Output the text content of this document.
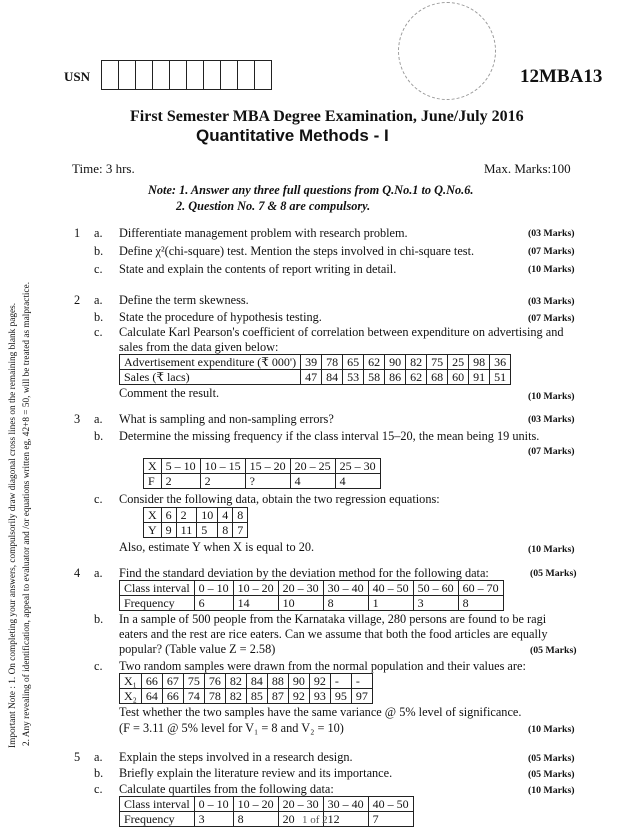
Important Note : 1. On completing your answers, compulsorily draw diagonal cross lines on the remaining blank pages. 2. Any revealing of identification, appeal to evaluator and /or equations written eg, 42+8 = 50, will be treated as malpractice.
USN	12MBA13
First Semester MBA Degree Examination, June/July 2016
Quantitative Methods - I
Time: 3 hrs.	Max. Marks:100
Note: 1. Answer any three full questions from Q.No.1 to Q.No.6.
2. Question No. 7 & 8 are compulsory.
1 a. Differentiate management problem with research problem.	(03 Marks)
b. Define χ²(chi-square) test. Mention the steps involved in chi-square test.	(07 Marks)
c. State and explain the contents of report writing in detail.	(10 Marks)
2 a. Define the term skewness.	(03 Marks)
b. State the procedure of hypothesis testing.	(07 Marks)
c. Calculate Karl Pearson's coefficient of correlation between expenditure on advertising and
sales from the data given below:
Advertisement expenditure (₹ 000')	39	78	65	62	90	82	75	25	98	36
Sales (₹ lacs)	47	84	53	58	86	62	68	60	91	51
Comment the result.	(10 Marks)
3 a. What is sampling and non-sampling errors?	(03 Marks)
b. Determine the missing frequency if the class interval 15–20, the mean being 19 units.
(07 Marks)
X	5 – 10	10 – 15	15 – 20	20 – 25	25 – 30
F	2	2	?	4	4
c. Consider the following data, obtain the two regression equations:
X	6	2	10	4	8
Y	9	11	5	8	7
Also, estimate Y when X is equal to 20.	(10 Marks)
4 a. Find the standard deviation by the deviation method for the following data:	(05 Marks)
Class interval	0 – 10	10 – 20	20 – 30	30 – 40	40 – 50	50 – 60	60 – 70
Frequency	6	14	10	8	1	3	8
b. In a sample of 500 people from the Karnataka village, 280 persons are found to be ragi
eaters and the rest are rice eaters. Can we assume that both the food articles are equally
popular? (Table value Z = 2.58)	(05 Marks)
c. Two random samples were drawn from the normal population and their values are:
X₁	66	67	75	76	82	84	88	90	92	-	-
X₂	64	66	74	78	82	85	87	92	93	95	97
Test whether the two samples have the same variance @ 5% level of significance.
(F = 3.11 @ 5% level for V₁ = 8 and V₂ = 10)	(10 Marks)
5 a. Explain the steps involved in a research design.	(05 Marks)
b. Briefly explain the literature review and its importance.	(05 Marks)
c. Calculate quartiles from the following data:	(10 Marks)
Class interval	0 – 10	10 – 20	20 – 30	30 – 40	40 – 50
Frequency	3	8	20	12	7
1 of 2
